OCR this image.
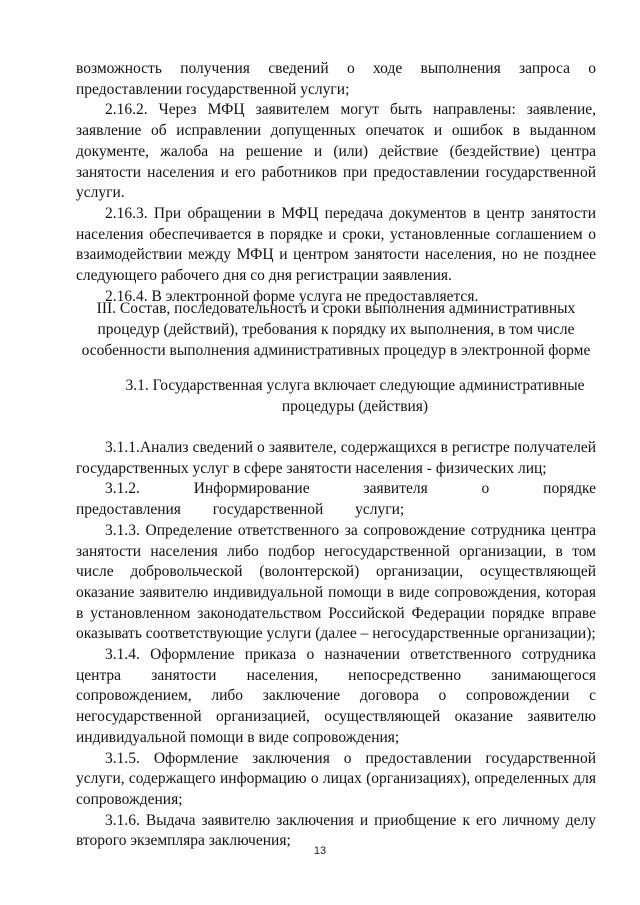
возможность получения сведений о ходе выполнения запроса о предоставлении государственной услуги;

2.16.2. Через МФЦ заявителем могут быть направлены: заявление, заявление об исправлении допущенных опечаток и ошибок в выданном документе, жалоба на решение и (или) действие (бездействие) центра занятости населения и его работников при предоставлении государственной услуги.

2.16.3. При обращении в МФЦ передача документов в центр занятости населения обеспечивается в порядке и сроки, установленные соглашением о взаимодействии между МФЦ и центром занятости населения, но не позднее следующего рабочего дня со дня регистрации заявления.

2.16.4. В электронной форме услуга не предоставляется.

III. Состав, последовательность и сроки выполнения административных
процедур (действий), требования к порядку их выполнения, в том числе
особенности выполнения административных процедур в электронной форме
3.1. Государственная услуга включает следующие административные
процедуры (действия)

3.1.1.Анализ сведений о заявителе, содержащихся в регистре получателей государственных услуг в сфере занятости населения - физических лиц;

3.1.2. Информирование заявителя о порядке предоставления государственной услуги;

3.1.3. Определение ответственного за сопровождение сотрудника центра занятости населения либо подбор негосударственной организации, в том числе добровольческой (волонтерской) организации, осуществляющей оказание заявителю индивидуальной помощи в виде сопровождения, которая в установленном законодательством Российской Федерации порядке вправе оказывать соответствующие услуги (далее – негосударственные организации);

3.1.4. Оформление приказа о назначении ответственного сотрудника центра занятости населения, непосредственно занимающегося сопровождением, либо заключение договора о сопровождении с негосударственной организацией, осуществляющей оказание заявителю индивидуальной помощи в виде сопровождения;

3.1.5. Оформление заключения о предоставлении государственной услуги, содержащего информацию о лицах (организациях), определенных для сопровождения;

3.1.6. Выдача заявителю заключения и приобщение к его личному делу второго экземпляра заключения;

13
